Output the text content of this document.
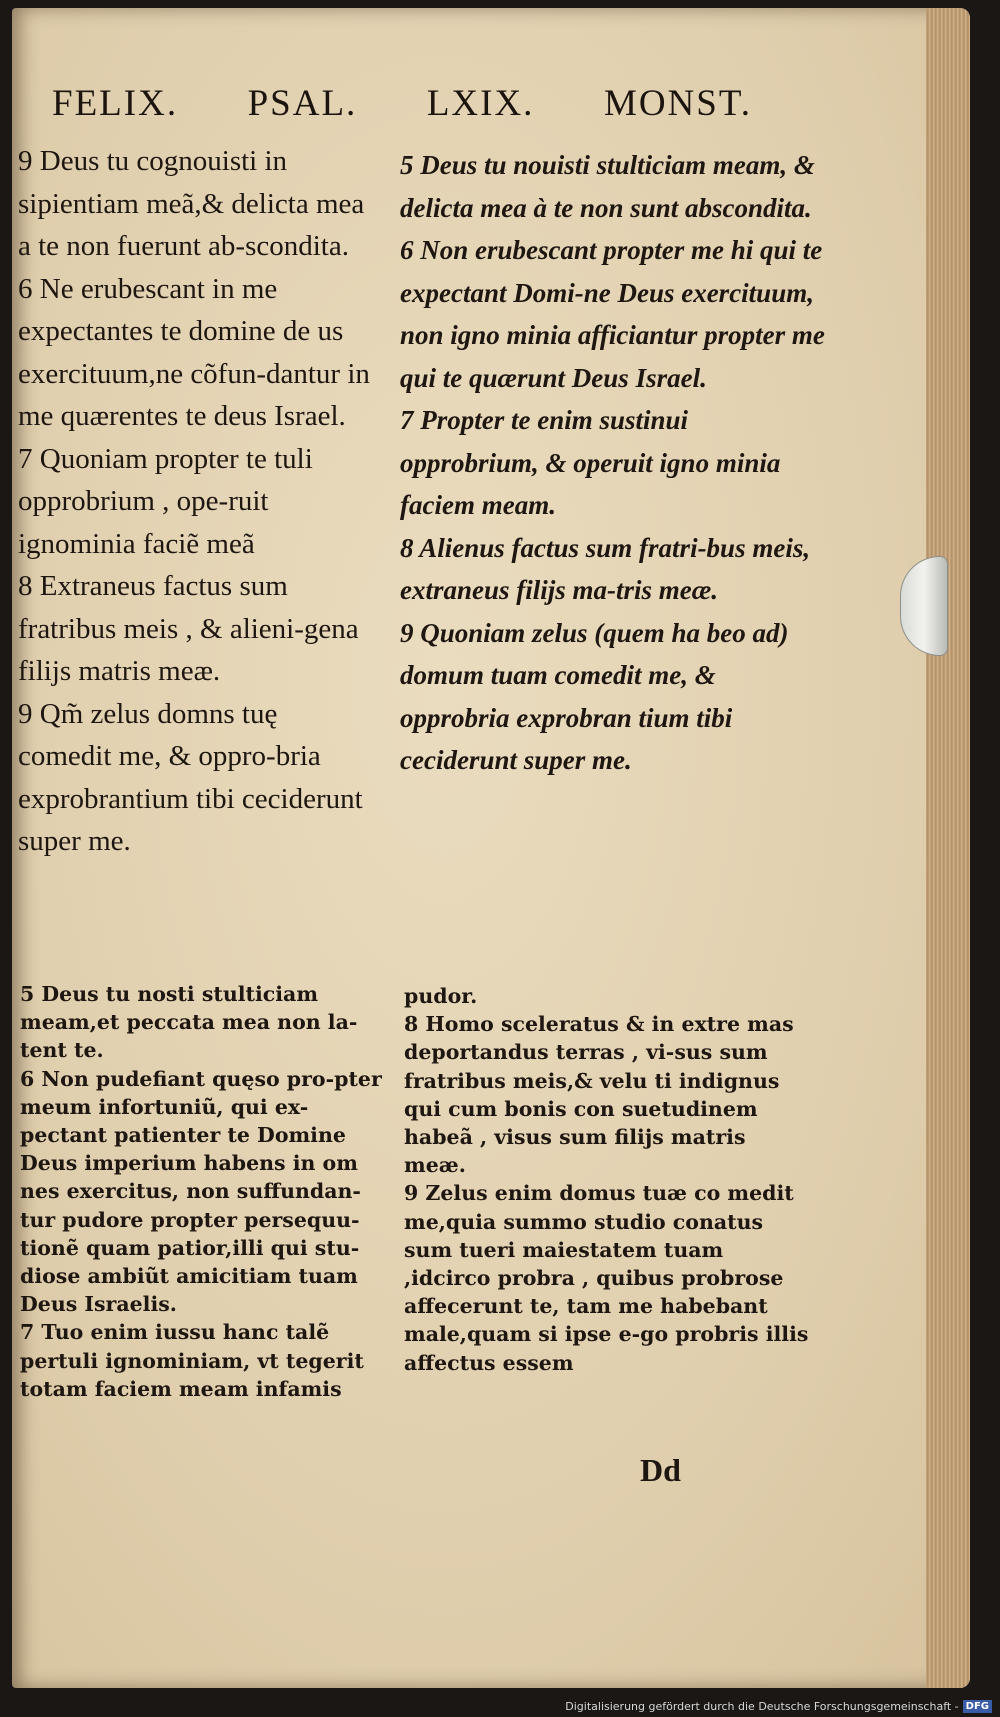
FELIX. PSAL. LXIX. MONST.

9 Deus tu cognouisti in sipientiam meã,& delicta mea a te non fuerunt ab-scondita.

6 Ne erubescant in me expectantes te domine de us exercituum,ne cõfun-dantur in me quærentes te deus Israel.

7 Quoniam propter te tuli opprobrium , ope-ruit ignominia faciẽ meã

8 Extraneus factus sum fratribus meis , & alieni-gena filijs matris meæ.

9 Qm̃ zelus domns tuę comedit me, & oppro-bria exprobrantium tibi ceciderunt super me.

5 Deus tu nouisti stulticiam meam, & delicta mea à te non sunt abscondita.

6 Non erubescant propter me hi qui te expectant Domi-ne Deus exercituum, non igno minia afficiantur propter me qui te quærunt Deus Israel.

7 Propter te enim sustinui opprobrium, & operuit igno minia faciem meam.

8 Alienus factus sum fratri-bus meis, extraneus filijs ma-tris meæ.

9 Quoniam zelus (quem ha beo ad) domum tuam comedit me, & opprobria exprobran tium tibi ceciderunt super me.

5 Deus tu nosti stulticiam meam,et peccata mea non la-tent te.

6 Non pudefiant quęso pro-pter meum infortuniũ, qui ex-pectant patienter te Domine Deus imperium habens in om nes exercitus, non suffundan-tur pudore propter persequu-tionẽ quam patior,illi qui stu-diose ambiũt amicitiam tuam Deus Israelis.

7 Tuo enim iussu hanc talẽ pertuli ignominiam, vt tegerit totam faciem meam infamis

pudor.

8 Homo sceleratus & in extre mas deportandus terras , vi-sus sum fratribus meis,& velu ti indignus qui cum bonis con suetudinem habeã , visus sum filijs matris meæ.

9 Zelus enim domus tuæ co medit me,quia summo studio conatus sum tueri maiestatem tuam ,idcirco probra , quibus probrose affecerunt te, tam me habebant male,quam si ipse e-go probris illis affectus essem

Dd
Digitalisierung gefördert durch die Deutsche Forschungsgemeinschaft - DFG
